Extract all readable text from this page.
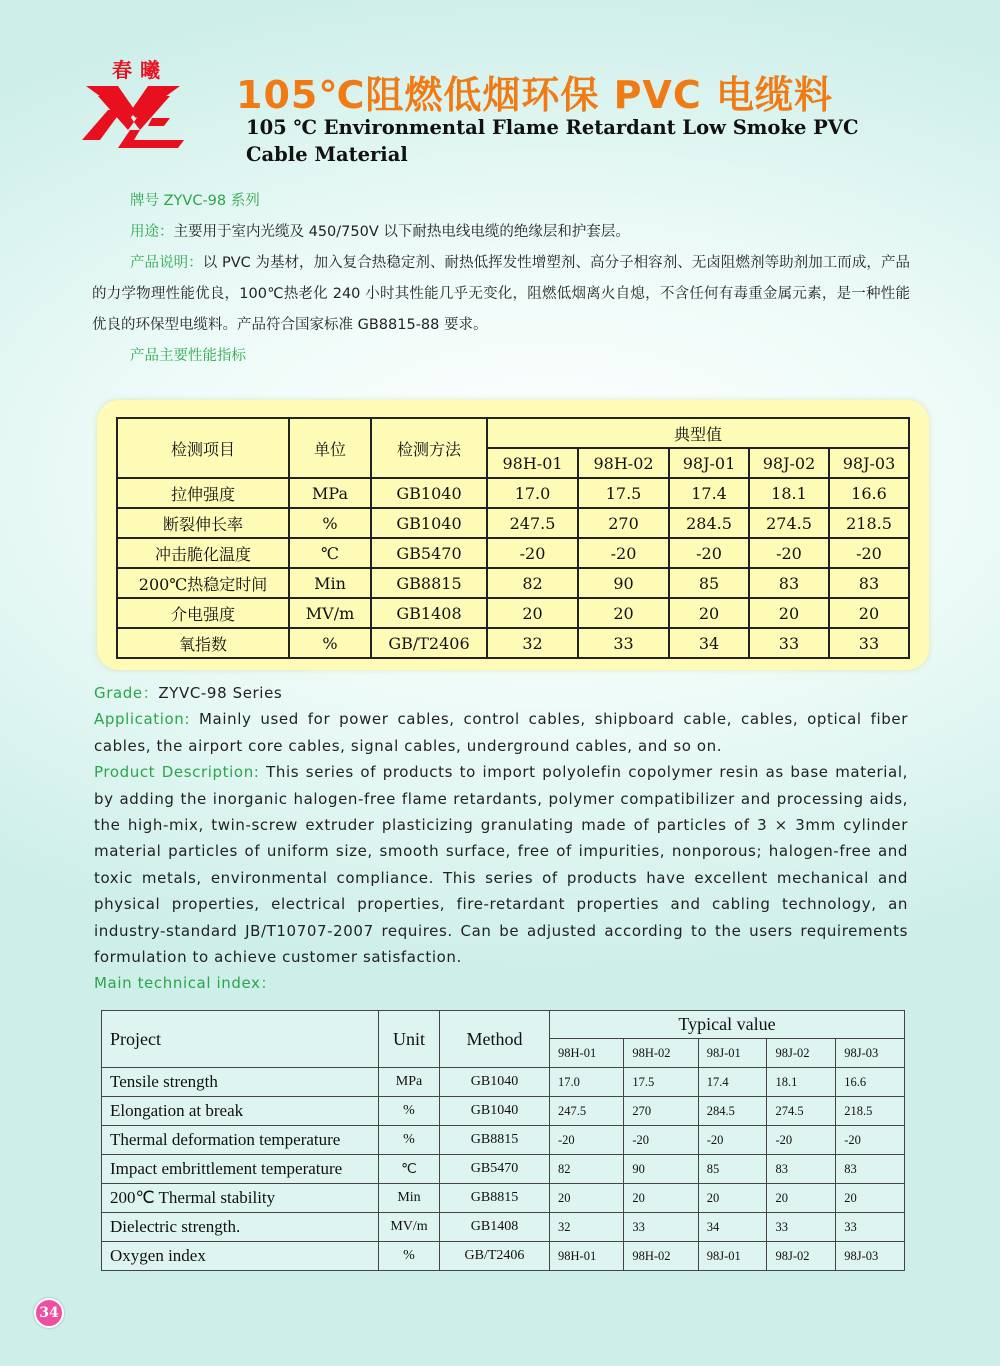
春曦
105℃阻燃低烟环保 PVC 电缆料
105 ℃ Environmental Flame Retardant Low Smoke PVC Cable Material

牌号 ZYVC-98 系列

用途：主要用于室内光缆及 450/750V 以下耐热电线电缆的绝缘层和护套层。

产品说明：以 PVC 为基材，加入复合热稳定剂、耐热低挥发性增塑剂、高分子相容剂、无卤阻燃剂等助剂加工而成，产品的力学物理性能优良，100℃热老化 240 小时其性能几乎无变化，阻燃低烟离火自熄，不含任何有毒重金属元素，是一种性能优良的环保型电缆料。产品符合国家标准 GB8815-88 要求。

产品主要性能指标

检测项目	单位	检测方法	典型值				
			98H-01	98H-02	98J-01	98J-02	98J-03
拉伸强度	MPa	GB1040	17.0	17.5	17.4	18.1	16.6
断裂伸长率	%	GB1040	247.5	270	284.5	274.5	218.5
冲击脆化温度	℃	GB5470	-20	-20	-20	-20	-20
200℃热稳定时间	Min	GB8815	82	90	85	83	83
介电强度	MV/m	GB1408	20	20	20	20	20
氧指数	%	GB/T2406	32	33	34	33	33

Grade：ZYVC-98 Series

Application: Mainly used for power cables, control cables, shipboard cable, cables, optical fiber cables, the airport core cables, signal cables, underground cables, and so on.

Product Description: This series of products to import polyolefin copolymer resin as base material, by adding the inorganic halogen-free flame retardants, polymer compatibilizer and processing aids, the high-mix, twin-screw extruder plasticizing granulating made of particles of 3 × 3mm cylinder material particles of uniform size, smooth surface, free of impurities, nonporous; halogen-free and toxic metals, environmental compliance. This series of products have excellent mechanical and physical properties, electrical properties, fire-retardant properties and cabling technology, an industry-standard JB/T10707-2007 requires. Can be adjusted according to the users requirements formulation to achieve customer satisfaction.

Main technical index：

Project	Unit	Method	Typical value				
			98H-01	98H-02	98J-01	98J-02	98J-03
Tensile strength	MPa	GB1040	17.0	17.5	17.4	18.1	16.6
Elongation at break	%	GB1040	247.5	270	284.5	274.5	218.5
Thermal deformation temperature	%	GB8815	-20	-20	-20	-20	-20
Impact embrittlement temperature	℃	GB5470	82	90	85	83	83
200℃ Thermal stability	Min	GB8815	20	20	20	20	20
Dielectric strength.	MV/m	GB1408	32	33	34	33	33
Oxygen index	%	GB/T2406	98H-01	98H-02	98J-01	98J-02	98J-03
34
